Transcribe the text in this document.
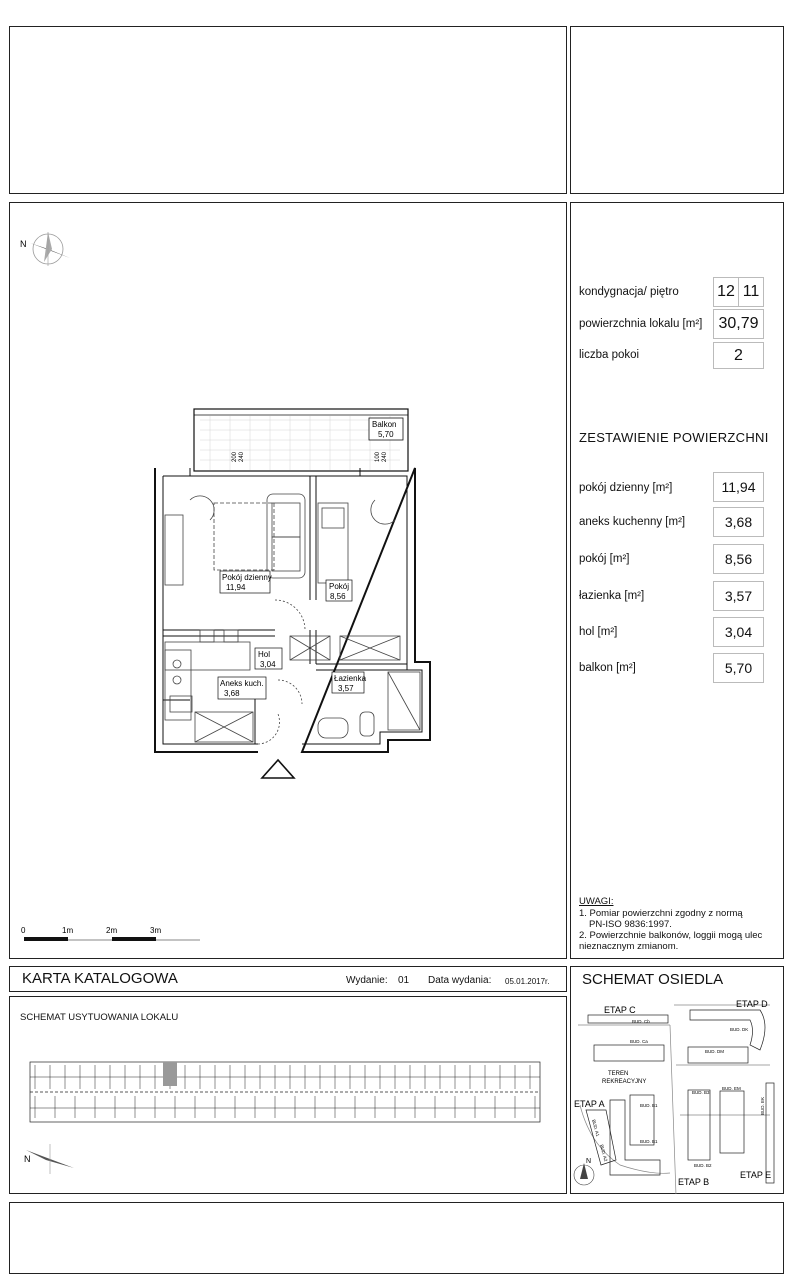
kondygnacja/ piętro 12 11
powierzchnia lokalu [m²]	30,79
liczba pokoi	2
ZESTAWIENIE POWIERZCHNI
pokój dzienny [m²]	11,94
aneks kuchenny [m²]	3,68
pokój [m²]	8,56
łazienka [m²]	3,57
hol [m²]	3,04
balkon [m²]	5,70
UWAGI:
1. Pomiar powierzchni zgodny z normą
PN-ISO 9836:1997.
2. Powierzchnie balkonów, loggii mogą ulec
nieznacznym zmianom.
N
Balkon
5,70
200 240	100 240
Pokój dzienny
11,94	Pokój
8,56
Hol
3,04
Aneks kuch.
3,68
Łazienka
3,57
0	1m	2m	3m
KARTA KATALOGOWA	Wydanie: 01 Data wydania: 05.01.2017r.
SCHEMAT USYTUOWANIA LOKALU
N
SCHEMAT OSIEDLA
N
ETAP A
ETAP B
ETAP C
ETAP D
ETAP E
TEREN
REKREACYJNY
BUD. Cb
BUD. Ca
BUD. DK
BUD. DM
BUD. B3
BUD. EM
BUD. EK
BUD. B1
BUD. B1
BUD. B2
BUD. A1
BUD. A2
